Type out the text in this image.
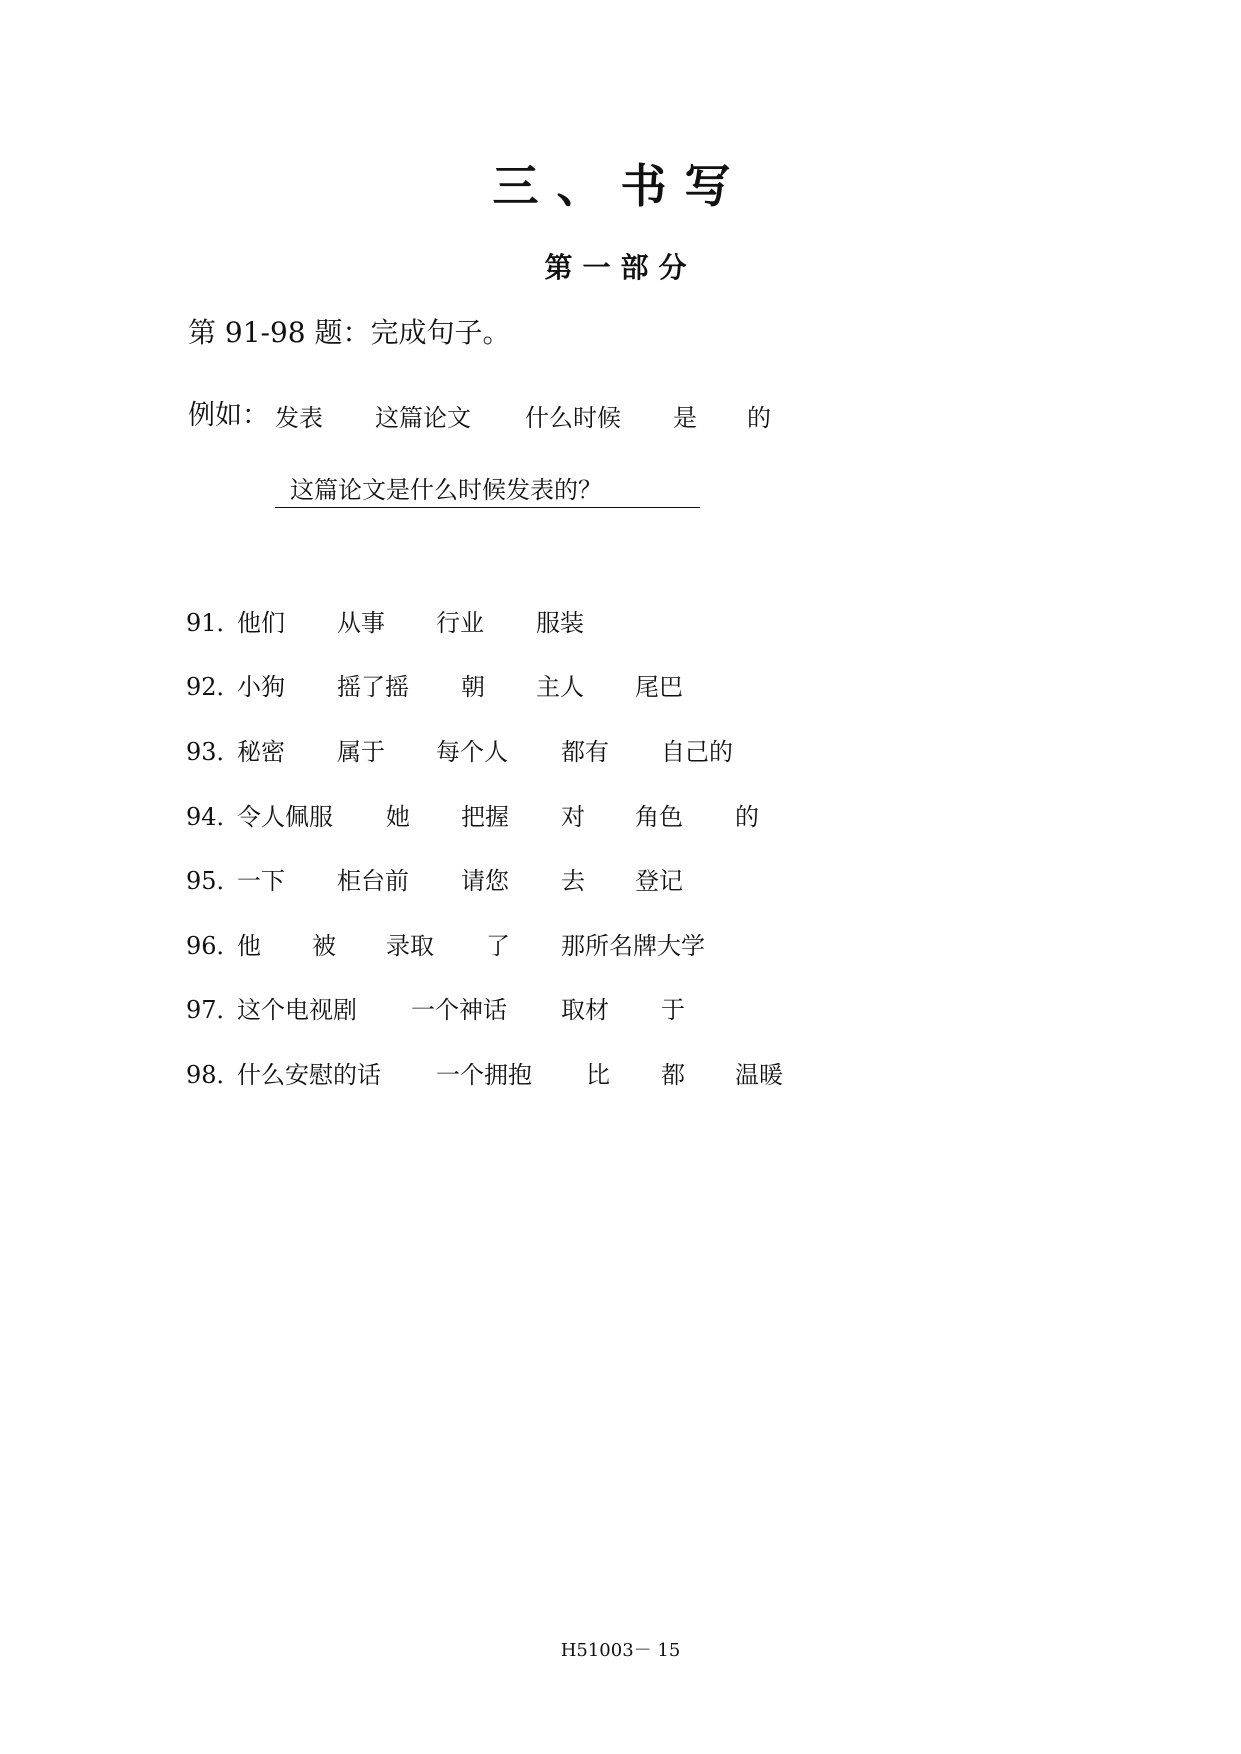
三、书写
第一部分
第 91-98 题：完成句子。
例如： 发表 这篇论文 什么时候 是 的
这篇论文是什么时候发表的？
91．
他们 从事 行业 服装
92．
小狗 摇了摇 朝 主人 尾巴
93．
秘密 属于 每个人 都有 自己的
94．
令人佩服 她 把握 对 角色 的
95．
一下 柜台前 请您 去 登记
96．
他 被 录取 了 那所名牌大学
97．
这个电视剧 一个神话 取材 于
98．
什么安慰的话 一个拥抱 比 都 温暖
H51003－ 15
